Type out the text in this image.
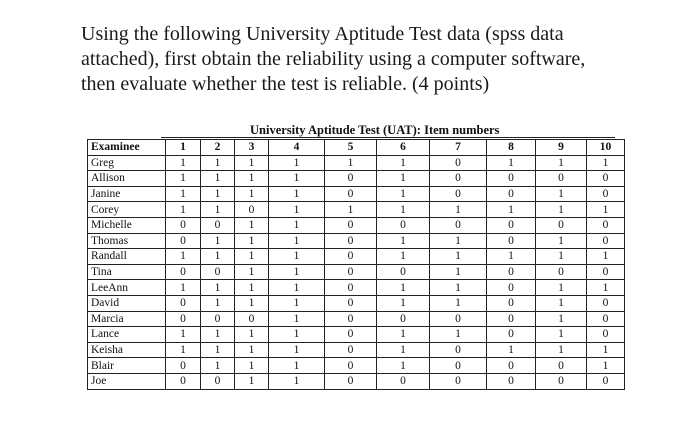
Using the following University Aptitude Test data (spss data
attached), first obtain the reliability using a computer software,
then evaluate whether the test is reliable. (4 points)
University Aptitude Test (UAT): Item numbers
Examinee	1	2	3	4	5	6	7	8	9	10
Greg	1	1	1	1	1	1	0	1	1	1
Allison	1	1	1	1	0	1	0	0	0	0
Janine	1	1	1	1	0	1	0	0	1	0
Corey	1	1	0	1	1	1	1	1	1	1
Michelle	0	0	1	1	0	0	0	0	0	0
Thomas	0	1	1	1	0	1	1	0	1	0
Randall	1	1	1	1	0	1	1	1	1	1
Tina	0	0	1	1	0	0	1	0	0	0
LeeAnn	1	1	1	1	0	1	1	0	1	1
David	0	1	1	1	0	1	1	0	1	0
Marcia	0	0	0	1	0	0	0	0	1	0
Lance	1	1	1	1	0	1	1	0	1	0
Keisha	1	1	1	1	0	1	0	1	1	1
Blair	0	1	1	1	0	1	0	0	0	1
Joe	0	0	1	1	0	0	0	0	0	0
